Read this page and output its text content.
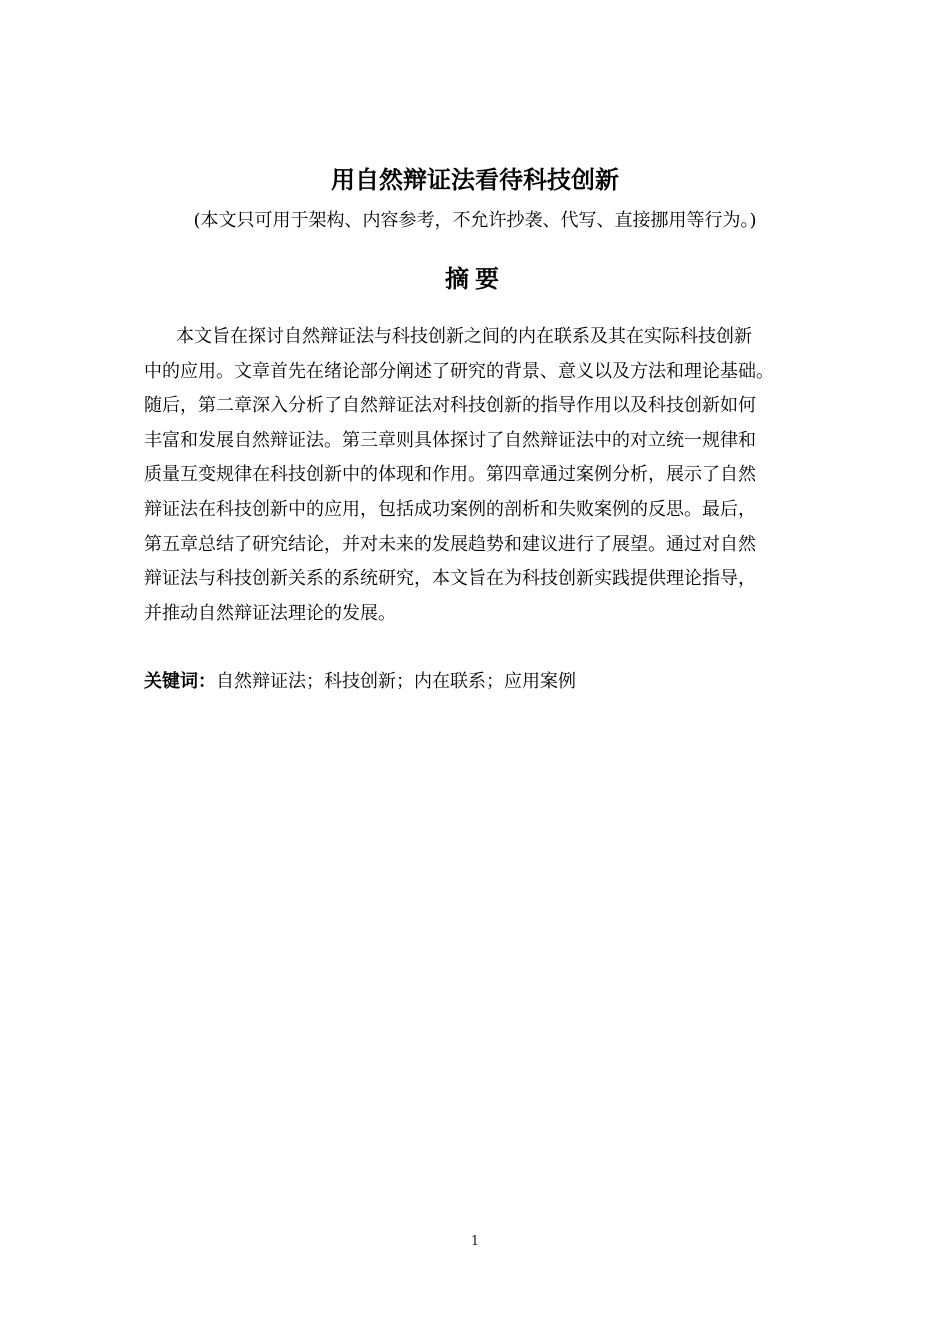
用自然辩证法看待科技创新
(本文只可用于架构、内容参考，不允许抄袭、代写、直接挪用等行为。)
摘要

本文旨在探讨自然辩证法与科技创新之间的内在联系及其在实际科技创新
中的应用。文章首先在绪论部分阐述了研究的背景、意义以及方法和理论基础。
随后，第二章深入分析了自然辩证法对科技创新的指导作用以及科技创新如何
丰富和发展自然辩证法。第三章则具体探讨了自然辩证法中的对立统一规律和
质量互变规律在科技创新中的体现和作用。第四章通过案例分析，展示了自然
辩证法在科技创新中的应用，包括成功案例的剖析和失败案例的反思。最后，
第五章总结了研究结论，并对未来的发展趋势和建议进行了展望。通过对自然
辩证法与科技创新关系的系统研究，本文旨在为科技创新实践提供理论指导，
并推动自然辩证法理论的发展。

关键词：自然辩证法；科技创新；内在联系；应用案例
1
